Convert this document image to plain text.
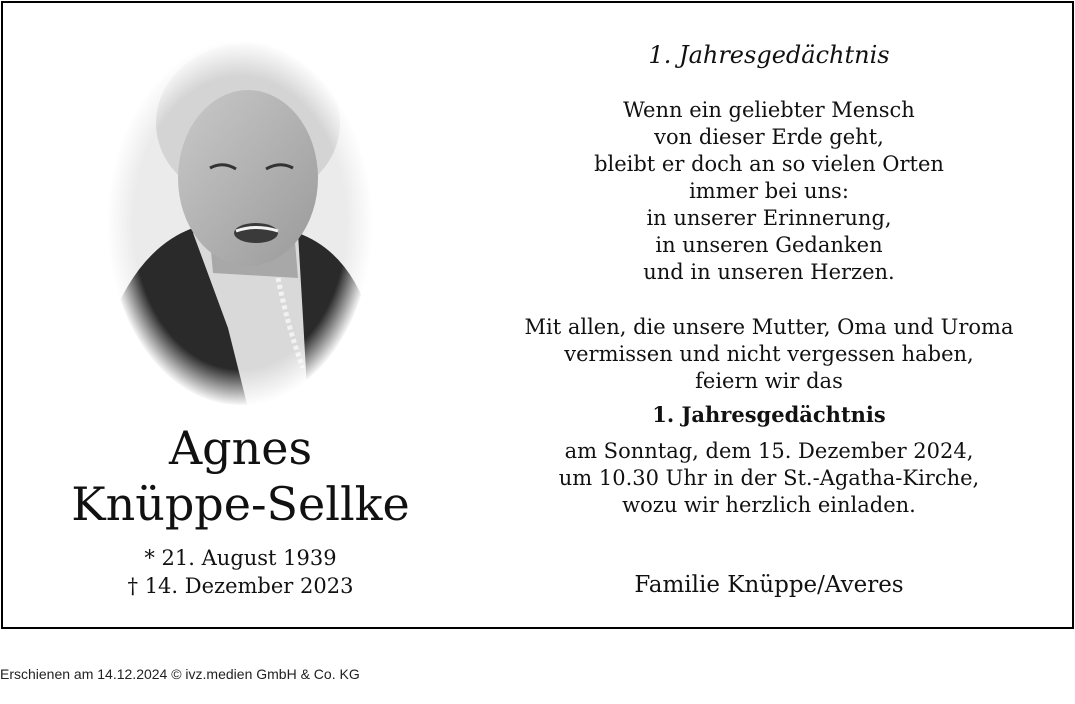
Agnes
Knüppe-Sellke
* 21. August 1939
† 14. Dezember 2023
1. Jahresgedächtnis
Wenn ein geliebter Mensch
von dieser Erde geht,
bleibt er doch an so vielen Orten
immer bei uns:
in unserer Erinnerung,
in unseren Gedanken
und in unseren Herzen.
Mit allen, die unsere Mutter, Oma und Uroma
vermissen und nicht vergessen haben,
feiern wir das
1. Jahresgedächtnis
am Sonntag, dem 15. Dezember 2024,
um 10.30 Uhr in der St.-Agatha-Kirche,
wozu wir herzlich einladen.
Familie Knüppe/Averes
Erschienen am 14.12.2024 © ivz.medien GmbH & Co. KG
